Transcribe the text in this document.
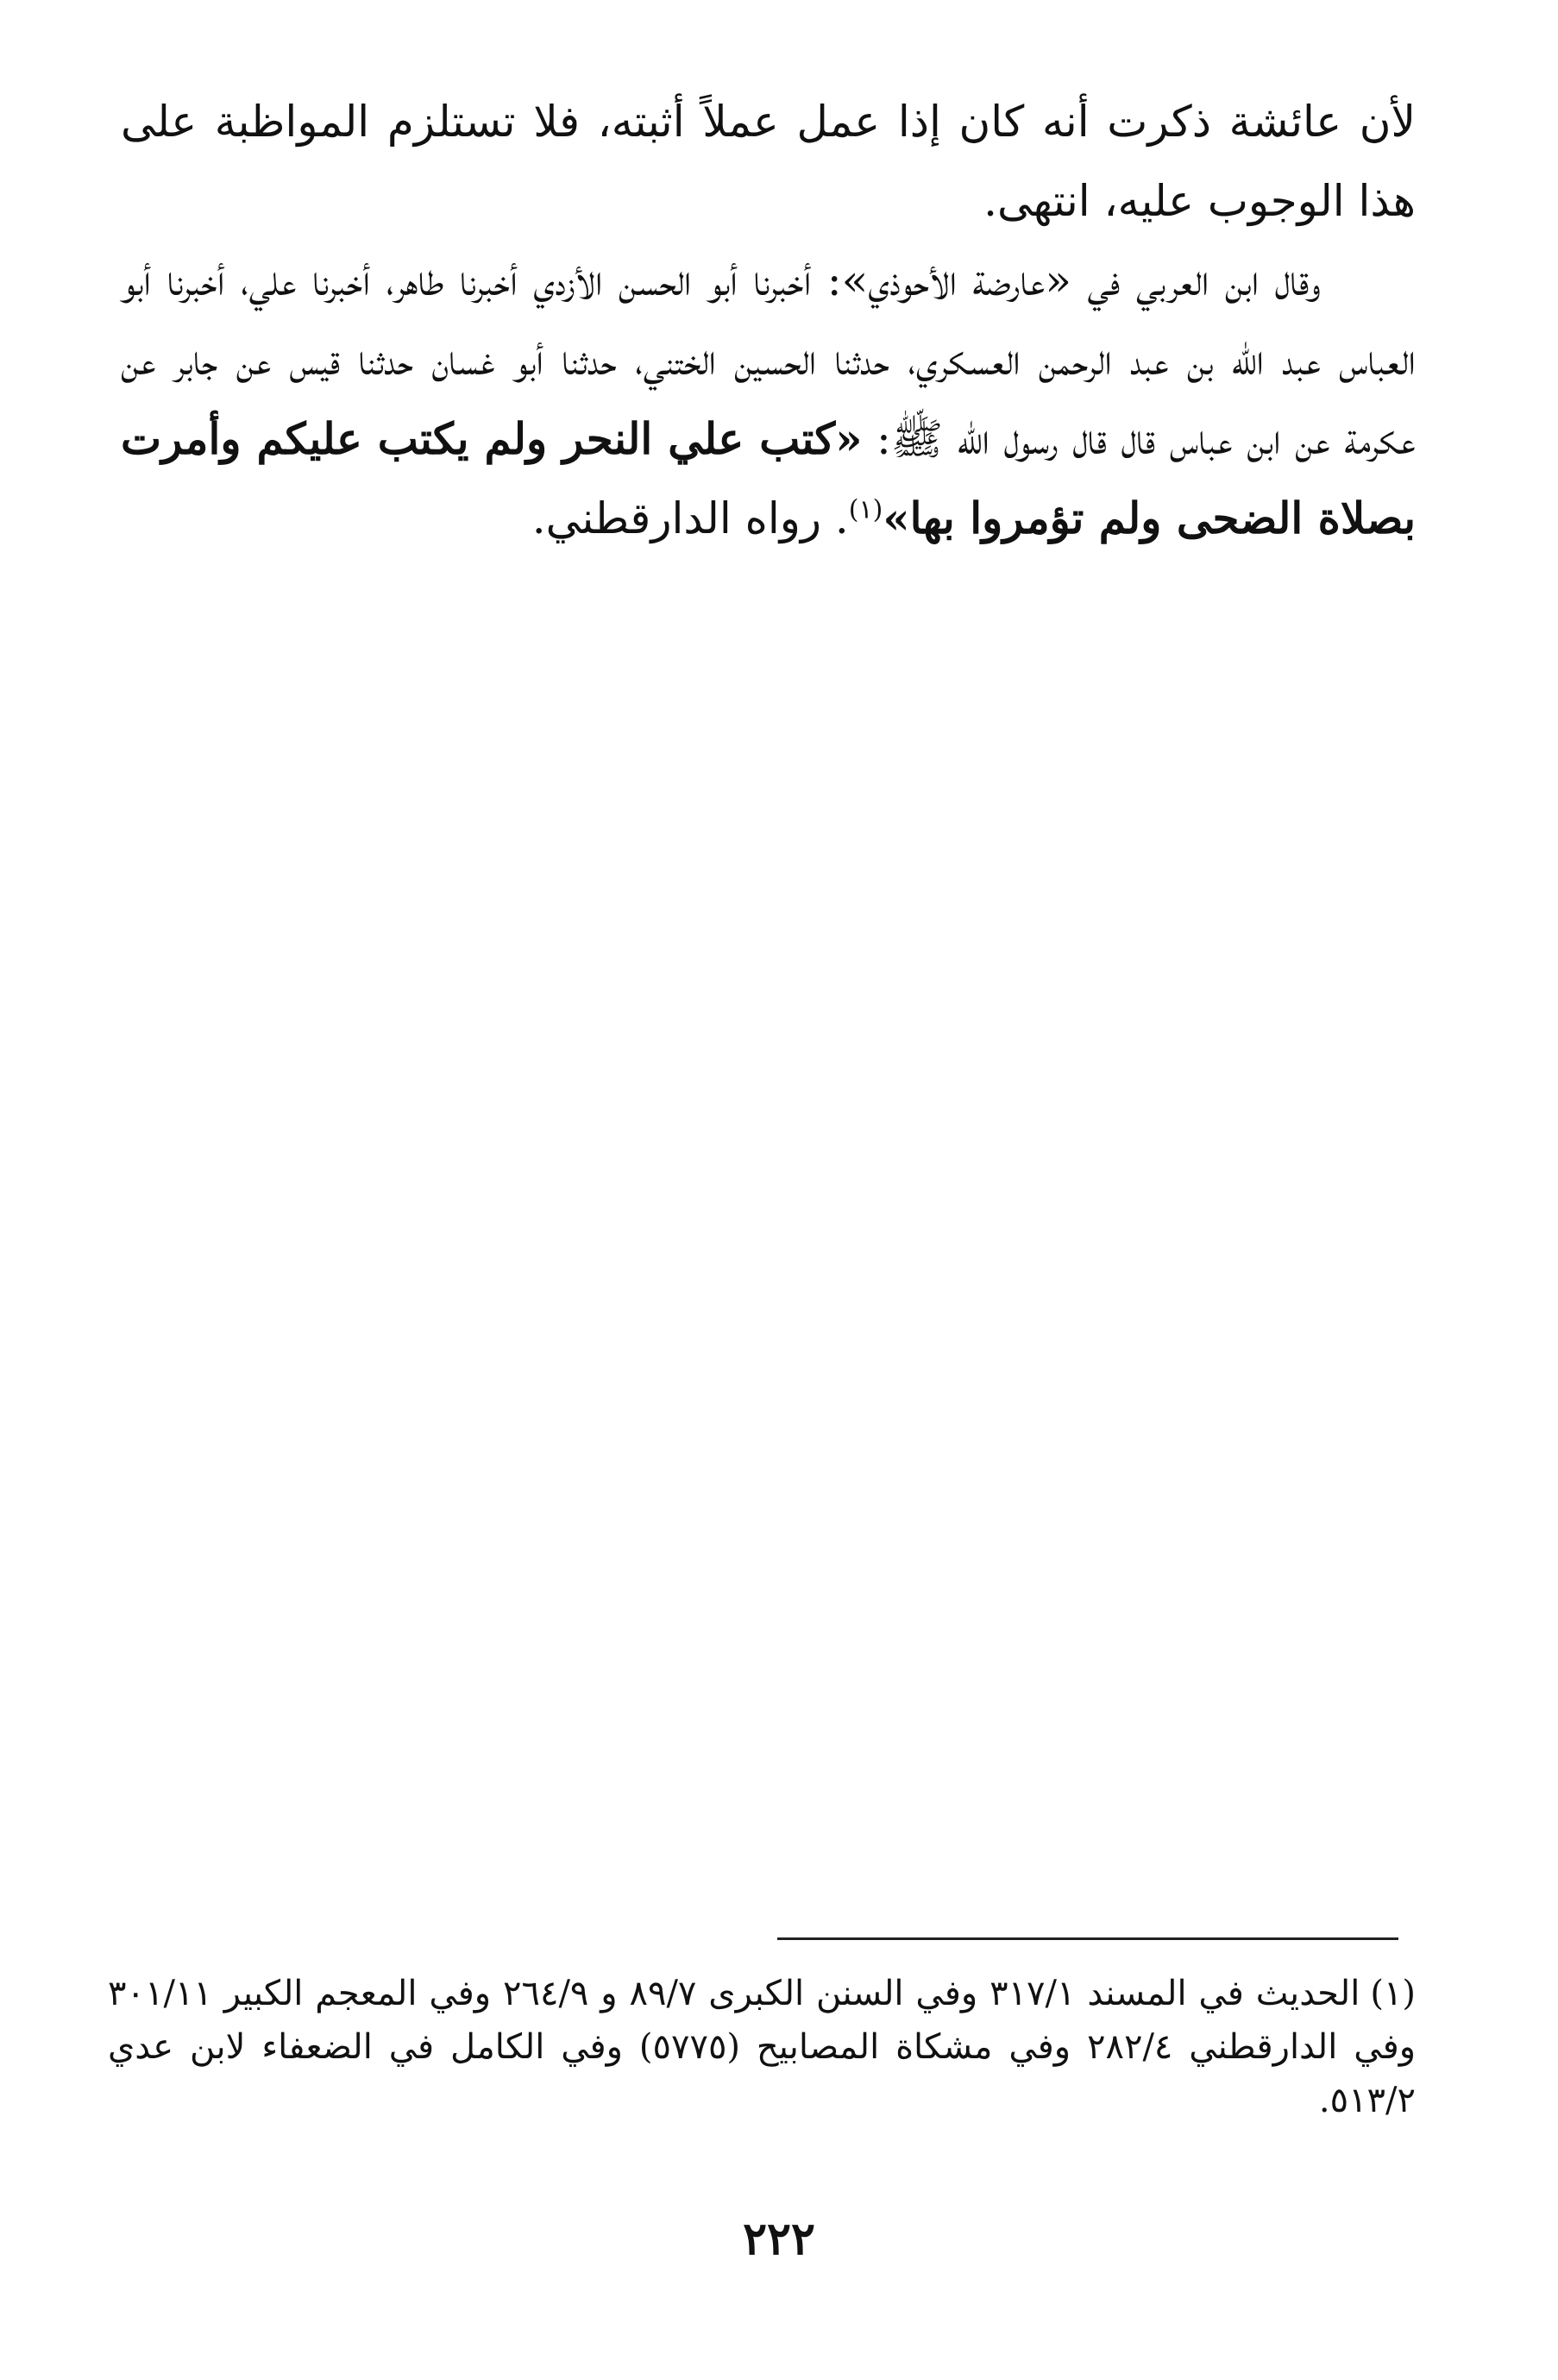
لأن عائشة ذكرت أنه كان إذا عمل عملاً أثبته، فلا تستلزم المواظبة على هذا الوجوب عليه، انتهى.

وقال ابن العربي في «عارضة الأحوذي»: أخبرنا أبو الحسن الأزدي أخبرنا طاهر، أخبرنا علي، أخبرنا أبو العباس عبد الله بن عبد الرحمن العسكري، حدثنا الحسين الختني، حدثنا أبو غسان حدثنا قيس عن جابر عن عكرمة عن ابن عباس قال قال رسول الله ﷺ: «كتب علي النحر ولم يكتب عليكم وأمرت بصلاة الضحى ولم تؤمروا بها»$^{(١)}$. رواه الدارقطني.

(١)الحديث في المسند ٣١٧/١ وفي السنن الكبرى ٨٩/٧ و ٢٦٤/٩ وفي المعجم الكبير ٣٠١/١١ وفي الدارقطني ٢٨٢/٤ وفي مشكاة المصابيح (٥٧٧٥) وفي الكامل في الضعفاء لابن عدي ٥١٣/٢.

٢٢٢
